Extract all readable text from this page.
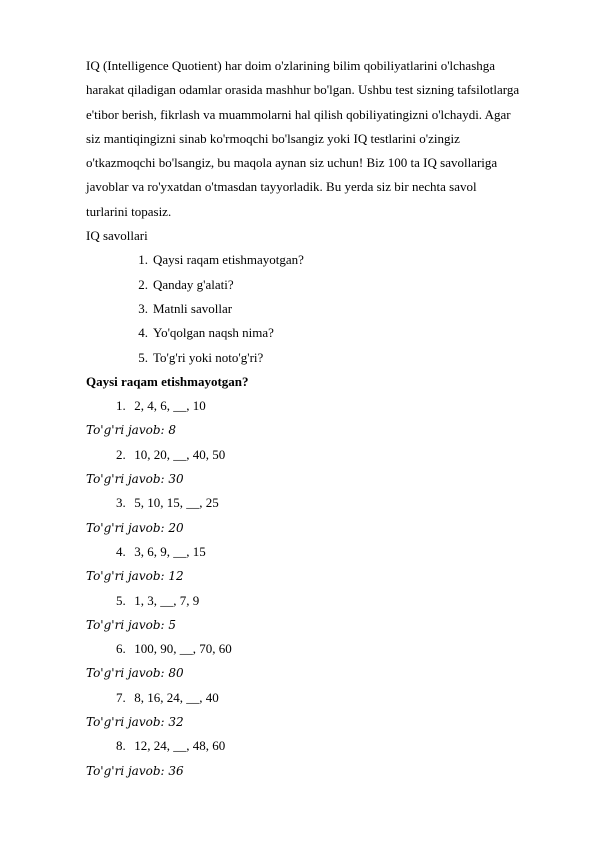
IQ (Intelligence Quotient) har doim o'zlarining bilim qobiliyatlarini o'lchashga
harakat qiladigan odamlar orasida mashhur bo'lgan. Ushbu test sizning tafsilotlarga
e'tibor berish, fikrlash va muammolarni hal qilish qobiliyatingizni o'lchaydi. Agar
siz mantiqingizni sinab ko'rmoqchi bo'lsangiz yoki IQ testlarini o'zingiz
o'tkazmoqchi bo'lsangiz, bu maqola aynan siz uchun! Biz 100 ta IQ savollariga
javoblar va ro'yxatdan o'tmasdan tayyorladik. Bu yerda siz bir nechta savol
turlarini topasiz.

IQ savollari
1. Qaysi raqam etishmayotgan?
2. Qanday g'alati?
3. Matnli savollar
4. Yo'qolgan naqsh nima?
5. To'g'ri yoki noto'g'ri?
Qaysi raqam etishmayotgan?
1. 2, 4, 6, __, 10
To'g'ri javob: 8
2. 10, 20, __, 40, 50
To'g'ri javob: 30
3. 5, 10, 15, __, 25
To'g'ri javob: 20
4. 3, 6, 9, __, 15
To'g'ri javob: 12
5. 1, 3, __, 7, 9
To'g'ri javob: 5
6. 100, 90, __, 70, 60
To'g'ri javob: 80
7. 8, 16, 24, __, 40
To'g'ri javob: 32
8. 12, 24, __, 48, 60
To'g'ri javob: 36
